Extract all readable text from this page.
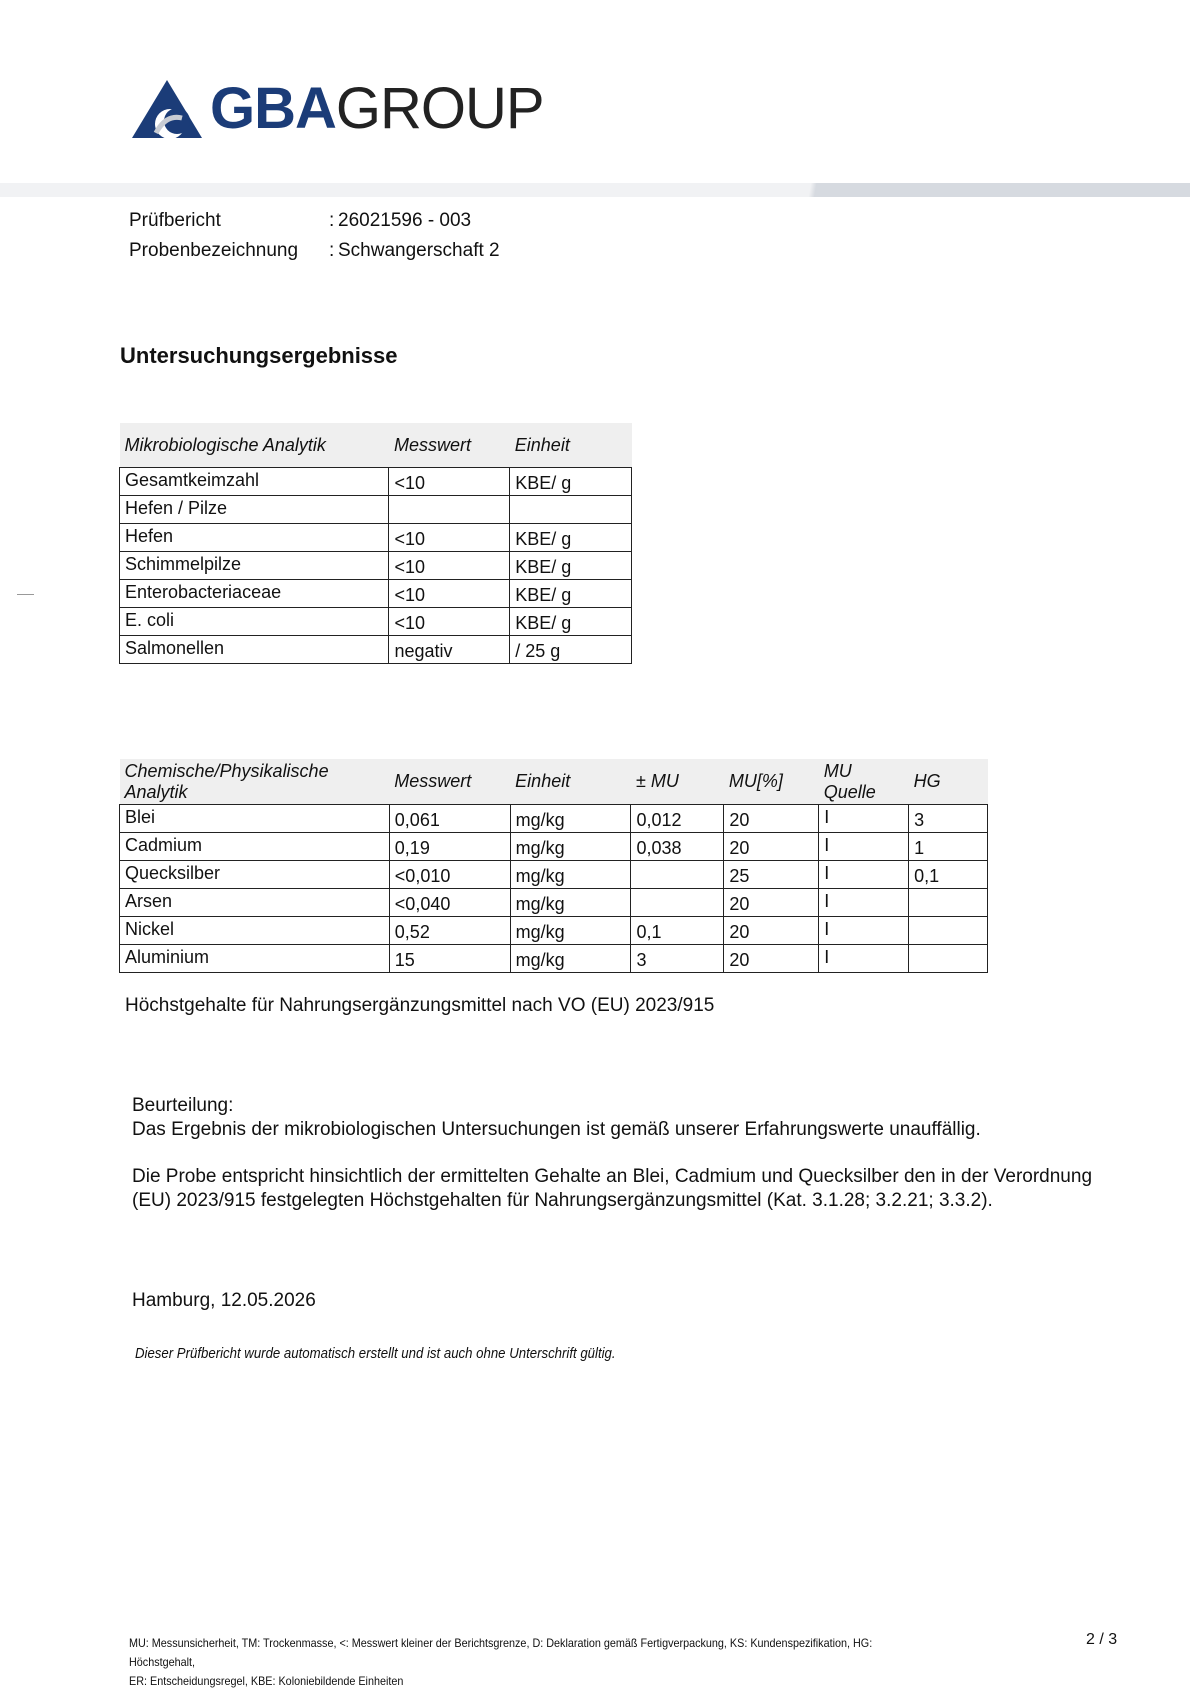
GBAGROUP
Prüfbericht	: 26021596 - 003
Probenbezeichnung	: Schwangerschaft 2
Untersuchungsergebnisse
Mikrobiologische Analytik	Messwert	Einheit
Gesamtkeimzahl	<10	KBE/ g
Hefen / Pilze		
Hefen	<10	KBE/ g
Schimmelpilze	<10	KBE/ g
Enterobacteriaceae	<10	KBE/ g
E. coli	<10	KBE/ g
Salmonellen	negativ	/ 25 g
Chemische/Physikalische Analytik	Messwert	Einheit	± MU	MU[%]	MU Quelle	HG
Blei	0,061	mg/kg	0,012	20	I	3
Cadmium	0,19	mg/kg	0,038	20	I	1
Quecksilber	<0,010	mg/kg		25	I	0,1
Arsen	<0,040	mg/kg		20	I	
Nickel	0,52	mg/kg	0,1	20	I	
Aluminium	15	mg/kg	3	20	I	
Höchstgehalte für Nahrungsergänzungsmittel nach VO (EU) 2023/915

Beurteilung:

Das Ergebnis der mikrobiologischen Untersuchungen ist gemäß unserer Erfahrungswerte unauffällig.

Die Probe entspricht hinsichtlich der ermittelten Gehalte an Blei, Cadmium und Quecksilber den in der Verordnung (EU) 2023/915 festgelegten Höchstgehalten für Nahrungsergänzungsmittel (Kat. 3.1.28; 3.2.21; 3.3.2).

Hamburg, 12.05.2026
Dieser Prüfbericht wurde automatisch erstellt und ist auch ohne Unterschrift gültig.
MU: Messunsicherheit, TM: Trockenmasse, <: Messwert kleiner der Berichtsgrenze, D: Deklaration gemäß Fertigverpackung, KS: Kundenspezifikation, HG: Höchstgehalt,
ER: Entscheidungsregel, KBE: Koloniebildende Einheiten
2 / 3
